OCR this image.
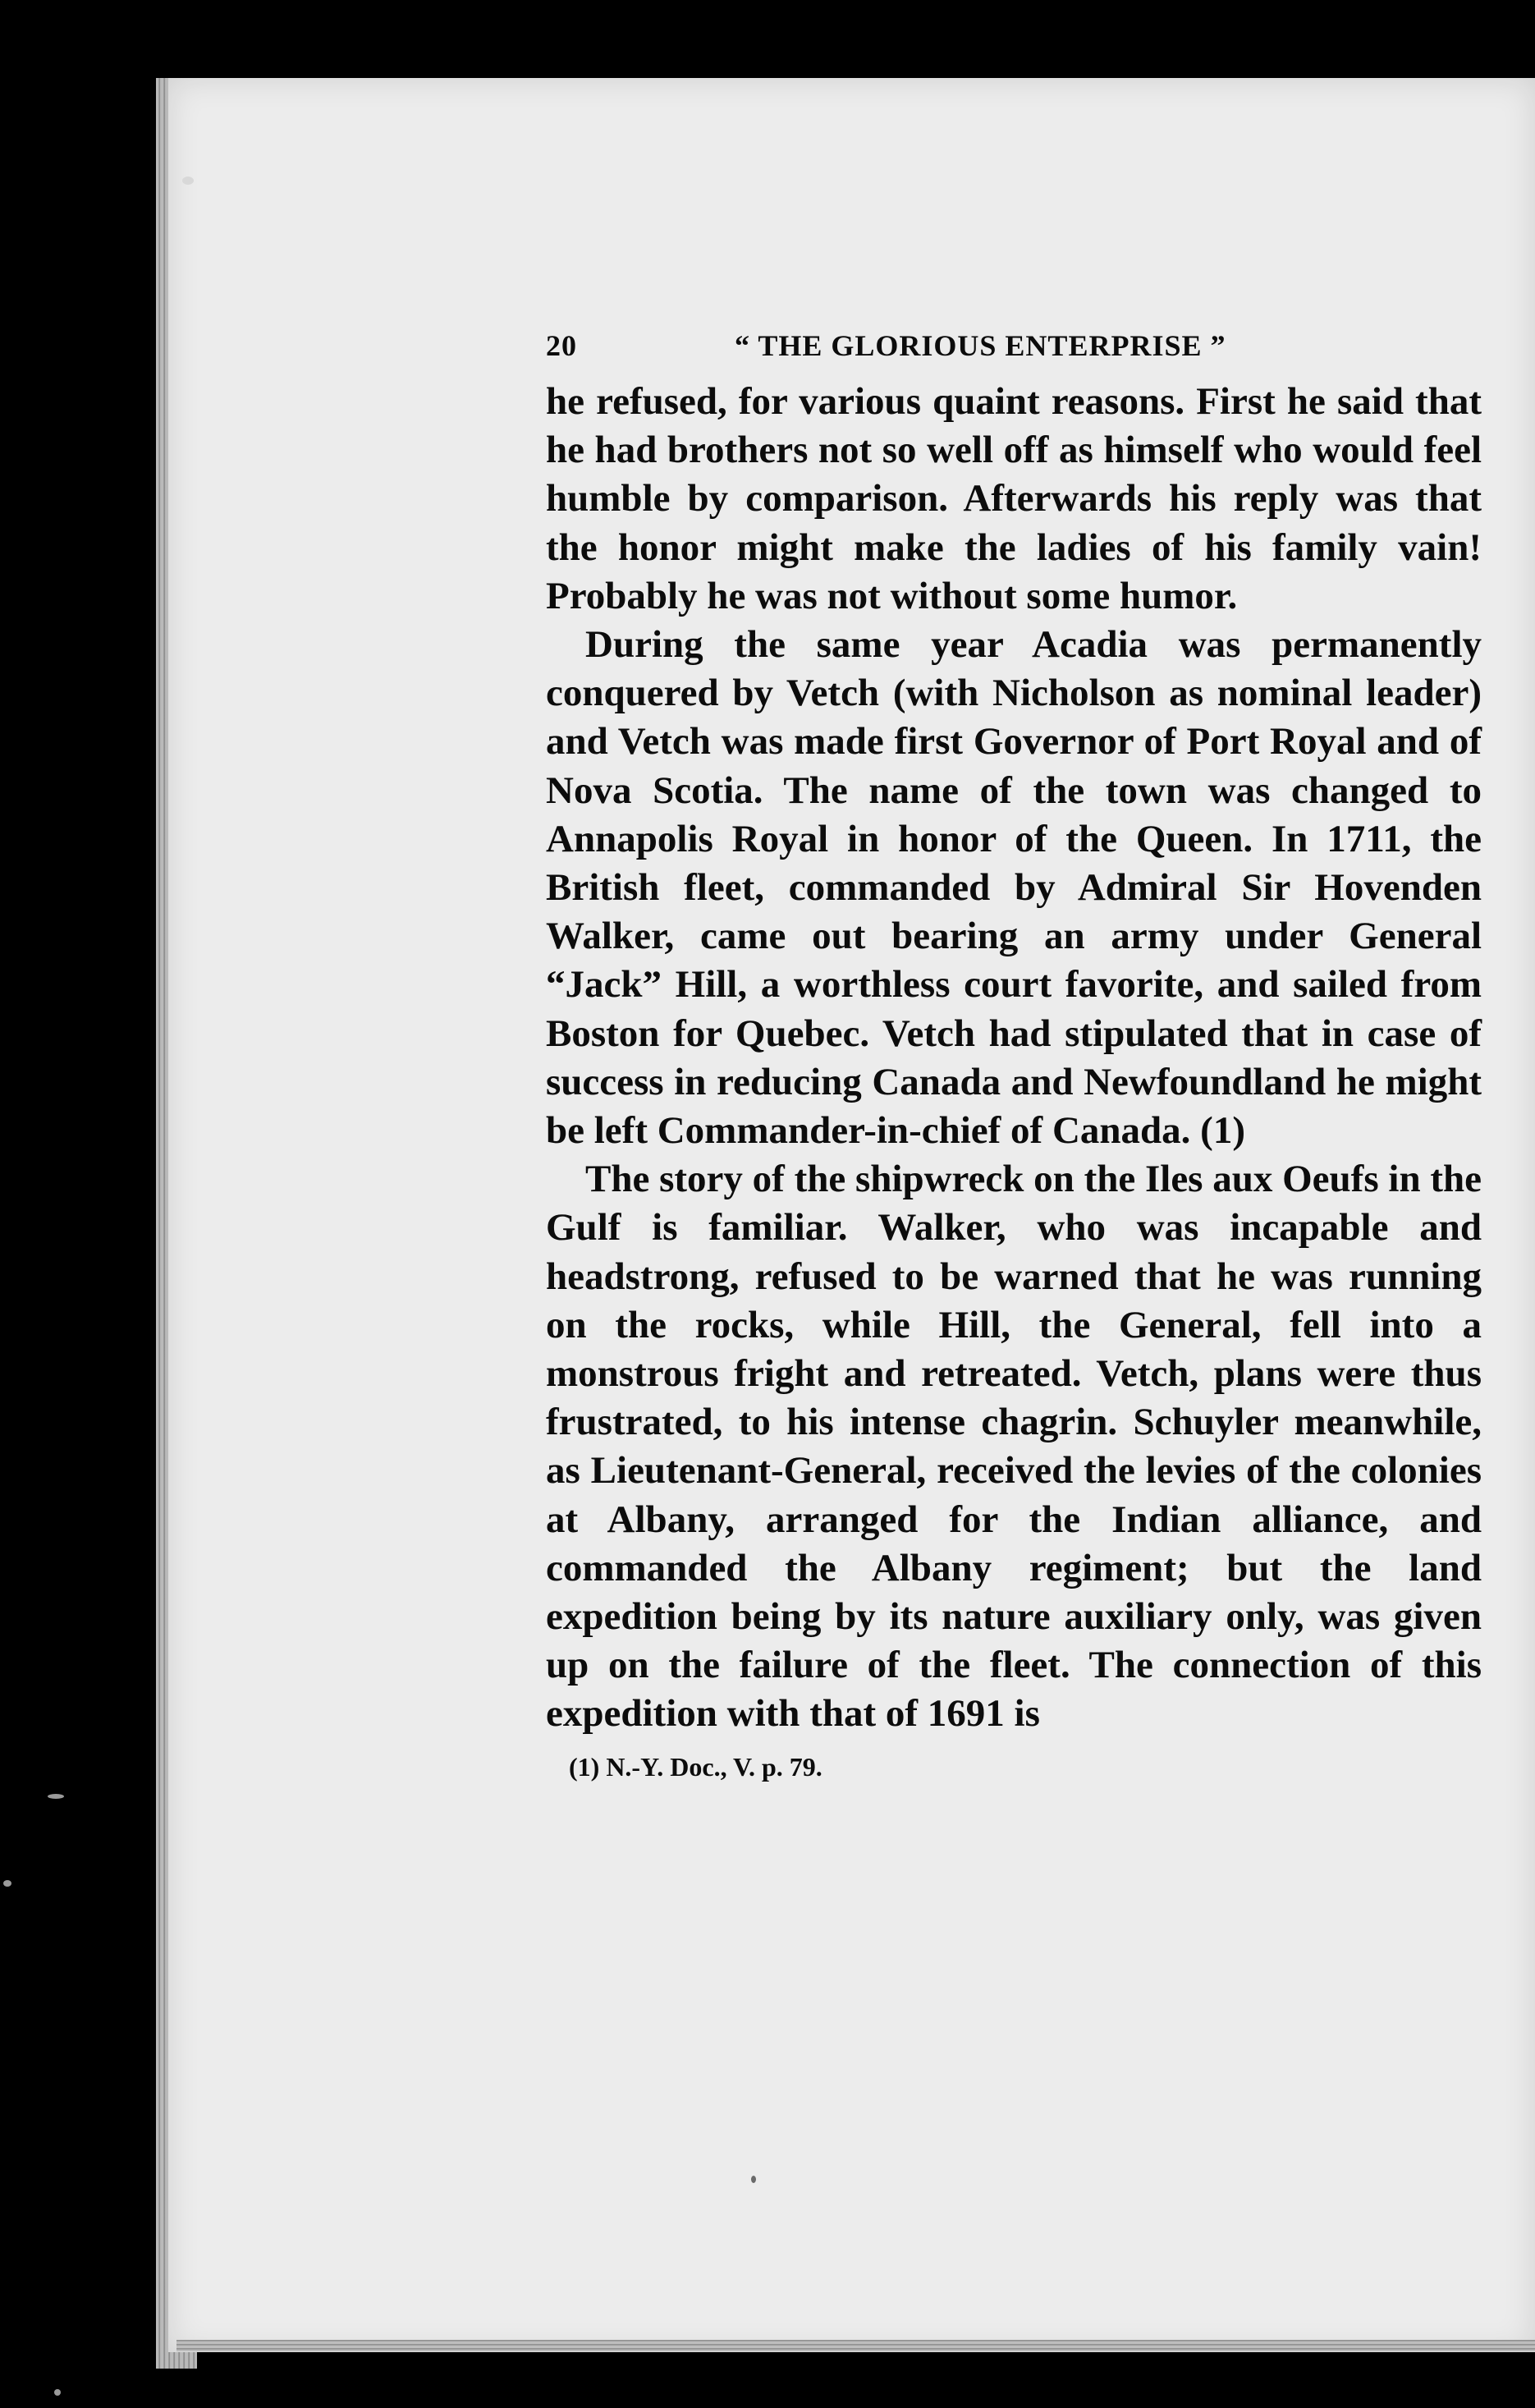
20	“ THE GLORIOUS ENTERPRISE ”

he refused, for various quaint reasons. First he said that he had brothers not so well off as himself who would feel humble by comparison. Afterwards his reply was that the honor might make the ladies of his family vain! Probably he was not without some humor.

During the same year Acadia was permanently conquered by Vetch (with Nicholson as nominal leader) and Vetch was made first Governor of Port Royal and of Nova Scotia. The name of the town was changed to Annapolis Royal in honor of the Queen. In 1711, the British fleet, commanded by Admiral Sir Hovenden Walker, came out bearing an army under General “Jack” Hill, a worthless court favorite, and sailed from Boston for Quebec. Vetch had stipulated that in case of success in reducing Canada and Newfoundland he might be left Commander-in-chief of Canada. (1)

The story of the shipwreck on the Iles aux Oeufs in the Gulf is familiar. Walker, who was incapable and headstrong, refused to be warned that he was running on the rocks, while Hill, the General, fell into a monstrous fright and retreated. Vetch, plans were thus frustrated, to his intense chagrin. Schuyler meanwhile, as Lieutenant-General, received the levies of the colonies at Albany, arranged for the Indian alliance, and commanded the Albany regiment; but the land expedition being by its nature auxiliary only, was given up on the failure of the fleet. The connection of this expedition with that of 1691 is

(1) N.-Y. Doc., V. p. 79.
